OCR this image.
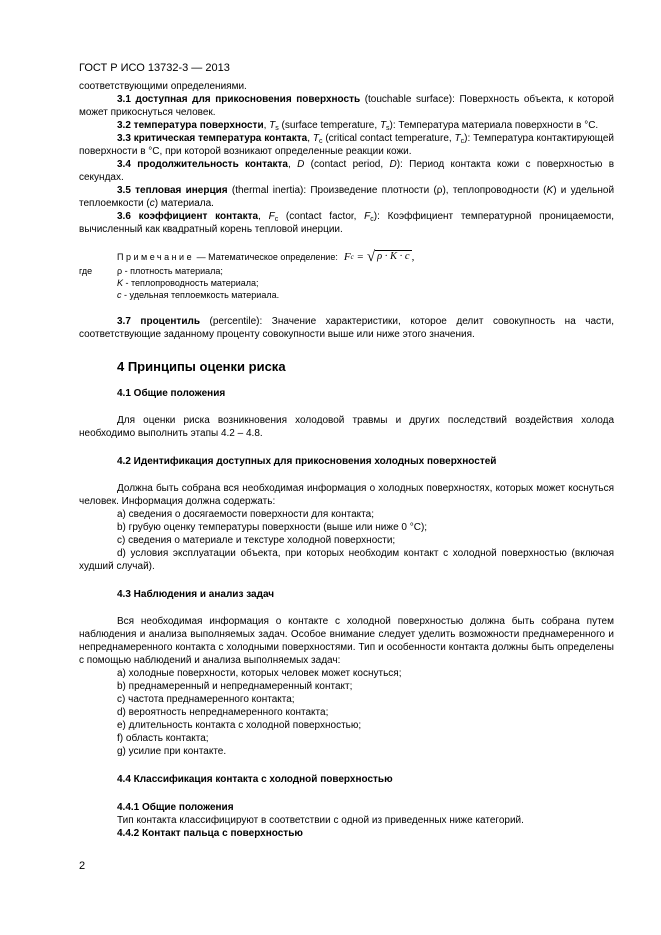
ГОСТ Р ИСО 13732-3 — 2013

соответствующими определениями.

3.1 доступная для прикосновения поверхность (touchable surface): Поверхность объекта, к которой может прикоснуться человек.

3.2 температура поверхности, $T_s$ (surface temperature, $T_s$): Температура материала поверхности в °C.

3.3 критическая температура контакта, $T_c$ (critical contact temperature, $T_c$): Температура контактирующей поверхности в °C, при которой возникают определенные реакции кожи.

3.4 продолжительность контакта, D (contact period, D): Период контакта кожи с поверхностью в секундах.

3.5 тепловая инерция (thermal inertia): Произведение плотности (ρ), теплопроводности (K) и удельной теплоемкости (c) материала.

3.6 коэффициент контакта, $F_c$ (contact factor, $F_c$): Коэффициент температурной проницаемости, вычисленный как квадратный корень тепловой инерции.

Примечание
— Математическое определение: F c
= √ ρ · K · c ,
где	ρ - плотность материала;
K - теплопроводность материала;
c - удельная теплоемкость материала.

3.7 процентиль (percentile): Значение характеристики, которое делит совокупность на части, соответствующие заданному проценту совокупности выше или ниже этого значения.

4 Принципы оценки риска
4.1 Общие положения

Для оценки риска возникновения холодовой травмы и других последствий воздействия холода необходимо выполнить этапы 4.2 – 4.8.

4.2 Идентификация доступных для прикосновения холодных поверхностей

Должна быть собрана вся необходимая информация о холодных поверхностях, которых может коснуться человек. Информация должна содержать:

a) сведения о досягаемости поверхности для контакта;

b) грубую оценку температуры поверхности (выше или ниже 0 °C);

c) сведения о материале и текстуре холодной поверхности;

d) условия эксплуатации объекта, при которых необходим контакт с холодной поверхностью (включая худший случай).

4.3 Наблюдения и анализ задач

Вся необходимая информация о контакте с холодной поверхностью должна быть собрана путем наблюдения и анализа выполняемых задач. Особое внимание следует уделить возможности преднамеренного и непреднамеренного контакта с холодными поверхностями. Тип и особенности контакта должны быть определены с помощью наблюдений и анализа выполняемых задач:

a) холодные поверхности, которых человек может коснуться;

b) преднамеренный и непреднамеренный контакт;

c) частота преднамеренного контакта;

d) вероятность непреднамеренного контакта;

e) длительность контакта с холодной поверхностью;

f) область контакта;

g) усилие при контакте.

4.4 Классификация контакта с холодной поверхностью
4.4.1 Общие положения

Тип контакта классифицируют в соответствии с одной из приведенных ниже категорий.

4.4.2 Контакт пальца с поверхностью
2
